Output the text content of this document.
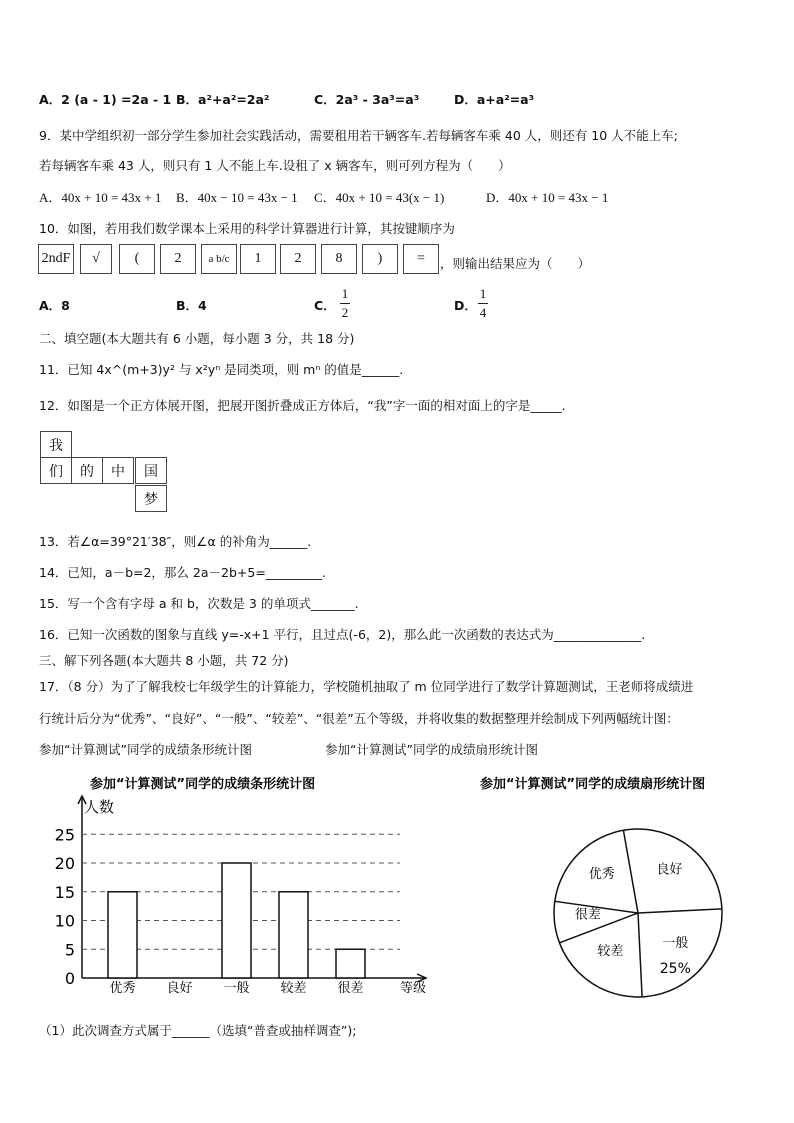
A．2 (a - 1) =2a - 1 B．a²+a²=2a²	C．2a³ - 3a³=a³	D．a+a²=a³
9．某中学组织初一部分学生参加社会实践活动，需要租用若干辆客车.若每辆客车乘 40 人，则还有 10 人不能上车;
若每辆客车乘 43 人，则只有 1 人不能上车.设租了 x 辆客车，则可列方程为（　　）
A．40x + 10 = 43x + 1 B．40x − 10 = 43x − 1 C．40x + 10 = 43(x − 1)	D．40x + 10 = 43x − 1
10．如图，若用我们数学课本上采用的科学计算器进行计算，其按键顺序为
2ndF	√	(	2	a b/c	1	2	8	)	=	，则输出结果应为（　　）
A．8	B．4	C．
1
2	D．
1
4
二、填空题(本大题共有 6 小题，每小题 3 分，共 18 分)
11．已知 4x^(m+3)y² 与 x²yⁿ 是同类项，则 mⁿ 的值是______.
12．如图是一个正方体展开图，把展开图折叠成正方体后，“我”字一面的相对面上的字是_____.
我
们	的	中	国
梦
13．若∠α=39°21′38″，则∠α 的补角为______.
14．已知，a－b=2，那么 2a－2b+5=_________.
15．写一个含有字母 a 和 b，次数是 3 的单项式_______.
16．已知一次函数的图象与直线 y=-x+1 平行，且过点(-6，2)，那么此一次函数的表达式为______________.
三、解下列各题(本大题共 8 小题，共 72 分)
17．（8 分）为了了解我校七年级学生的计算能力，学校随机抽取了 m 位同学进行了数学计算题测试，王老师将成绩进
行统计后分为“优秀”、“良好”、“一般”、“较差”、“很差”五个等级，并将收集的数据整理并绘制成下列两幅统计图：
参加“计算测试”同学的成绩条形统计图	参加“计算测试”同学的成绩扇形统计图
参加“计算测试”同学的成绩条形统计图
人数
等级
0
5
10
15
20
25
优秀 良好 一般 较差 很差
参加“计算测试”同学的成绩扇形统计图
良好
一般
25%
较差
很差
优秀
（1）此次调查方式属于______（选填“普查或抽样调查”);
